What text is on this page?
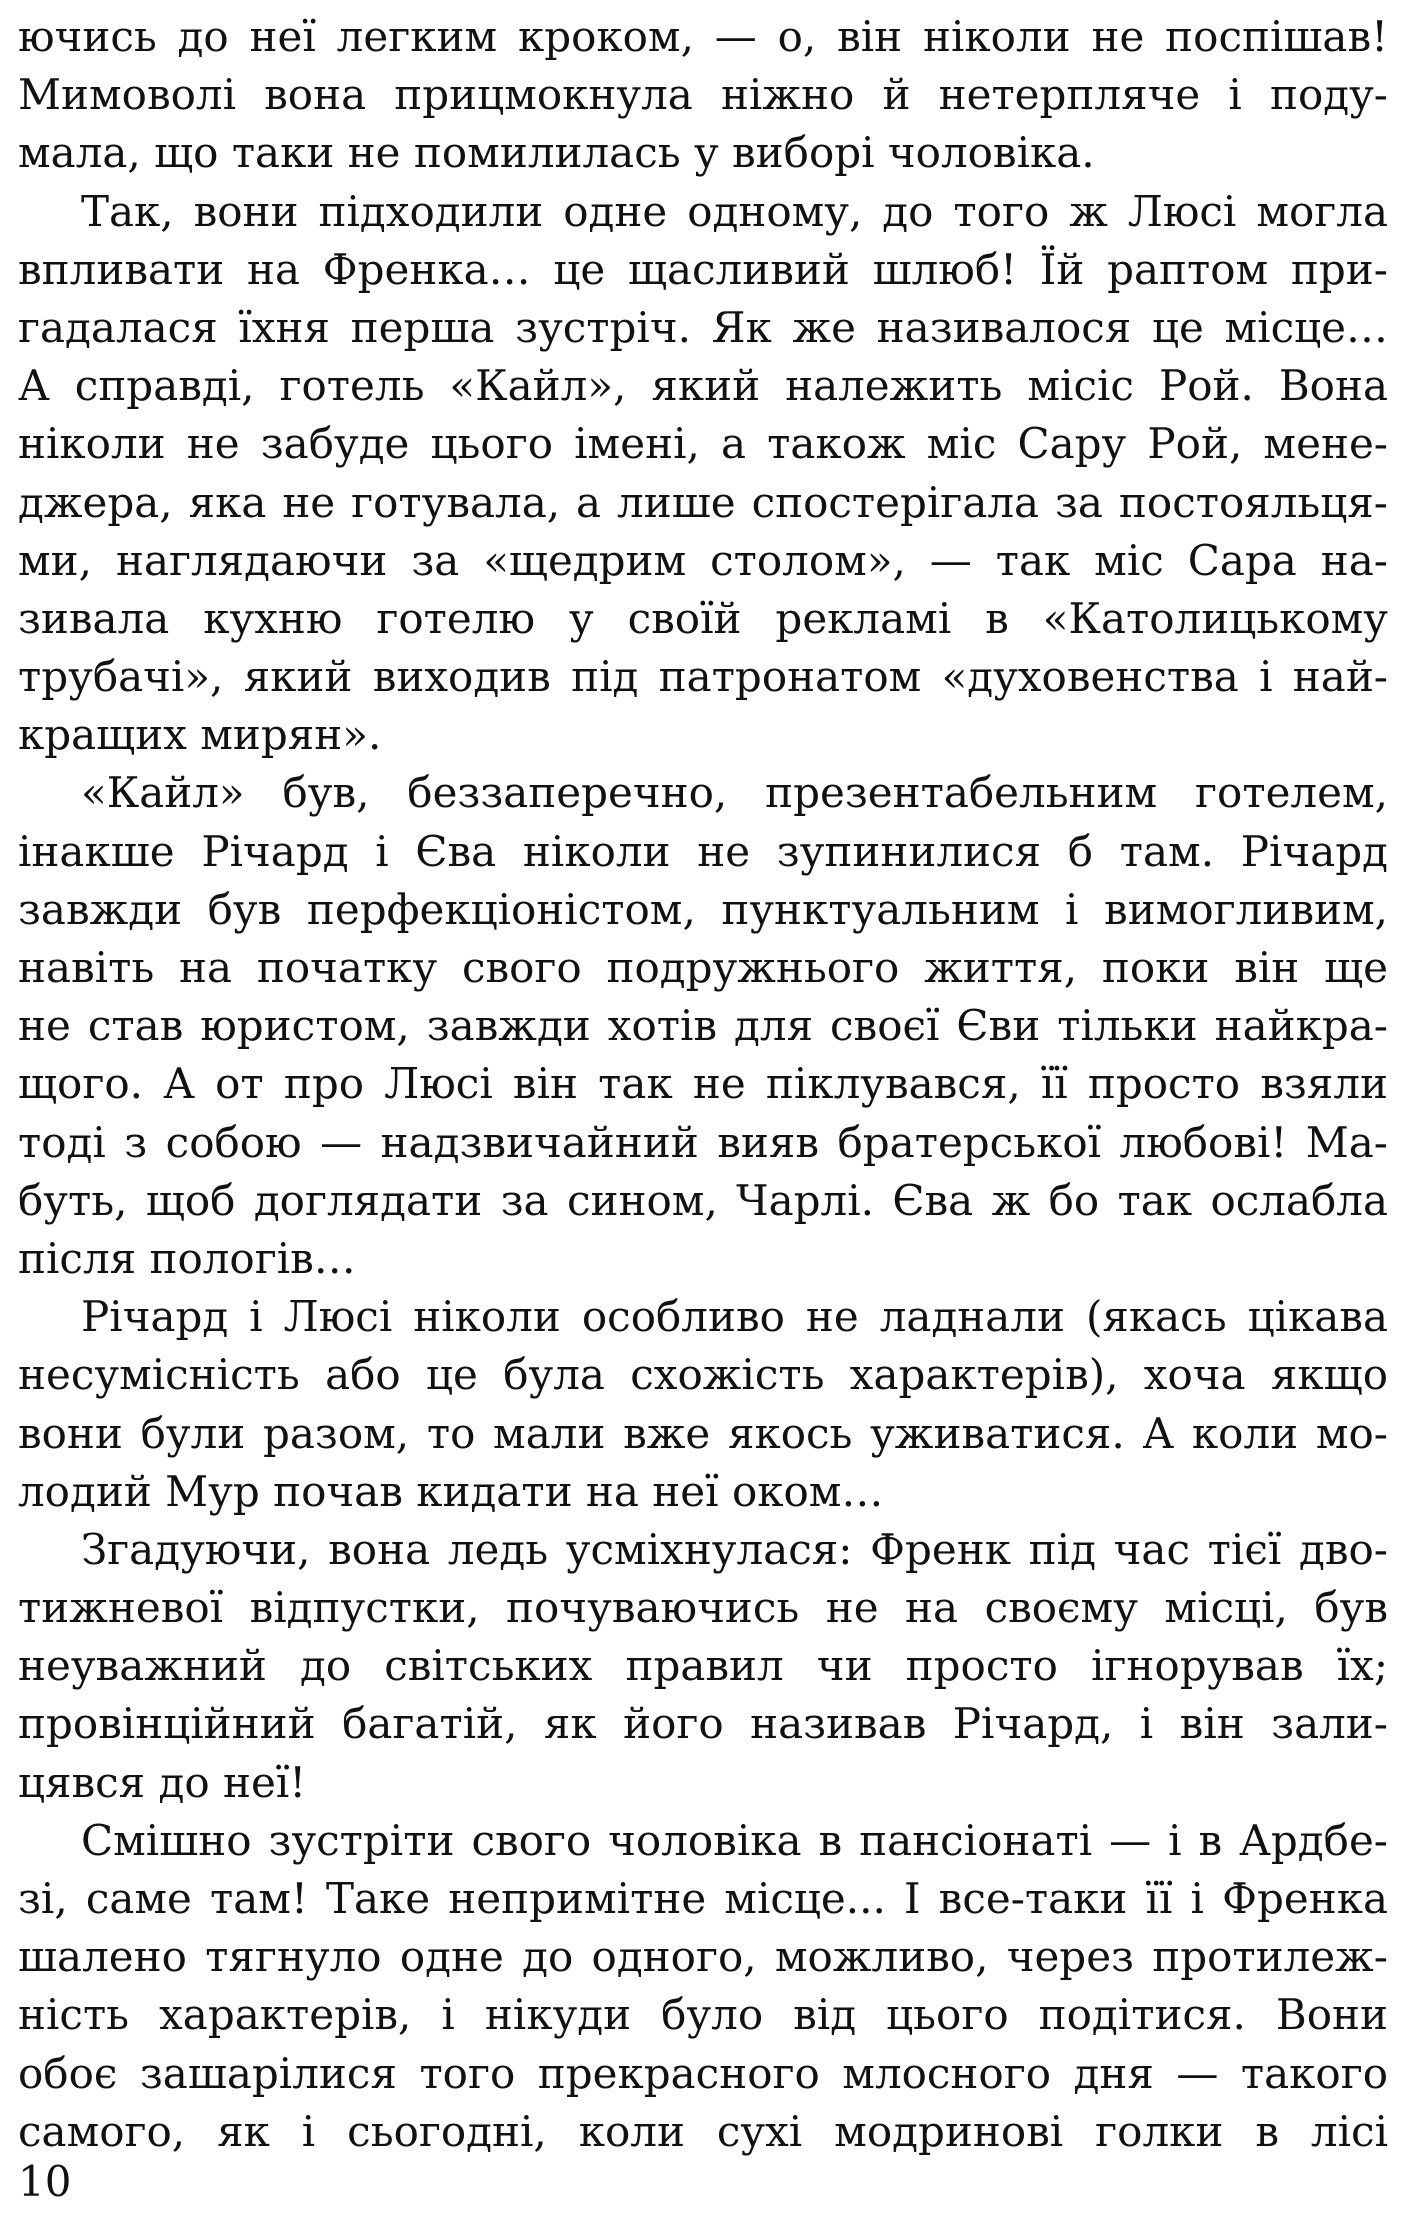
ючись до неї легким кроком, — о, він ніколи не поспішав!
Мимоволі вона прицмокнула ніжно й нетерпляче і поду-
мала, що таки не помилилась у виборі чоловіка.
Так, вони підходили одне одному, до того ж Люсі могла
впливати на Френка… це щасливий шлюб! Їй раптом при-
гадалася їхня перша зустріч. Як же називалося це місце…
А справді, готель «Кайл», який належить місіс Рой. Вона
ніколи не забуде цього імені, а також міс Сару Рой, мене-
джера, яка не готувала, а лише спостерігала за постояльця-
ми, наглядаючи за «щедрим столом», — так міс Сара на-
зивала кухню готелю у своїй рекламі в «Католицькому
трубачі», який виходив під патронатом «духовенства і най-
кращих мирян».
«Кайл» був, беззаперечно, презентабельним готелем,
інакше Річард і Єва ніколи не зупинилися б там. Річард
завжди був перфекціоністом, пунктуальним і вимогливим,
навіть на початку свого подружнього життя, поки він ще
не став юристом, завжди хотів для своєї Єви тільки найкра-
щого. А от про Люсі він так не піклувався, її просто взяли
тоді з собою — надзвичайний вияв братерської любові! Ма-
буть, щоб доглядати за сином, Чарлі. Єва ж бо так ослабла
після пологів…
Річард і Люсі ніколи особливо не ладнали (якась цікава
несумісність або це була схожість характерів), хоча якщо
вони були разом, то мали вже якось уживатися. А коли мо-
лодий Мур почав кидати на неї оком…
Згадуючи, вона ледь усміхнулася: Френк під час тієї дво-
тижневої відпустки, почуваючись не на своєму місці, був
неуважний до світських правил чи просто ігнорував їх;
провінційний багатій, як його називав Річард, і він зали-
цявся до неї!
Смішно зустріти свого чоловіка в пансіонаті — і в Ардбе-
зі, саме там! Таке непримітне місце... І все-таки її і Френка
шалено тягнуло одне до одного, можливо, через протилеж-
ність характерів, і нікуди було від цього подітися. Вони
обоє зашарілися того прекрасного млосного дня — такого
самого, як і сьогодні, коли сухі модринові голки в лісі
10
